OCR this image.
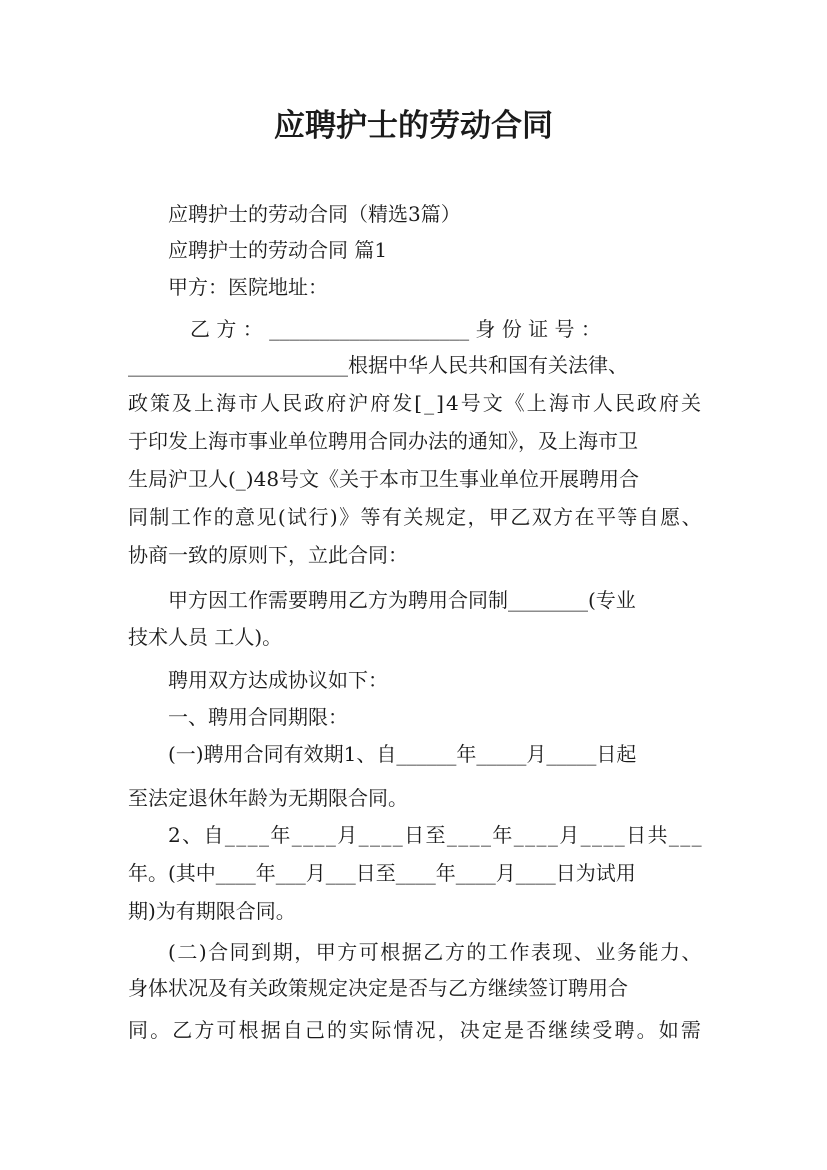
应聘护士的劳动合同
应聘护士的劳动合同（精选3篇）
应聘护士的劳动合同 篇1
甲方：医院地址：
乙 方 ： ____________________ 身 份 证 号 ：
______________________根据中华人民共和国有关法律、
政策及上海市人民政府沪府发[_]4号文《上海市人民政府关
于印发上海市事业单位聘用合同办法的通知》，及上海市卫
生局沪卫人(_)48号文《关于本市卫生事业单位开展聘用合
同制工作的意见(试行)》等有关规定，甲乙双方在平等自愿、
协商一致的原则下，立此合同：
甲方因工作需要聘用乙方为聘用合同制________(专业
技术人员 工人)。
聘用双方达成协议如下：
一、聘用合同期限：
(一)聘用合同有效期1、自______年_____月_____日起
至法定退休年龄为无期限合同。
2、自____年____月____日至____年____月____日共___
年。(其中____年___月___日至____年____月____日为试用
期)为有期限合同。
(二)合同到期，甲方可根据乙方的工作表现、业务能力、
身体状况及有关政策规定决定是否与乙方继续签订聘用合
同。乙方可根据自己的实际情况，决定是否继续受聘。如需
